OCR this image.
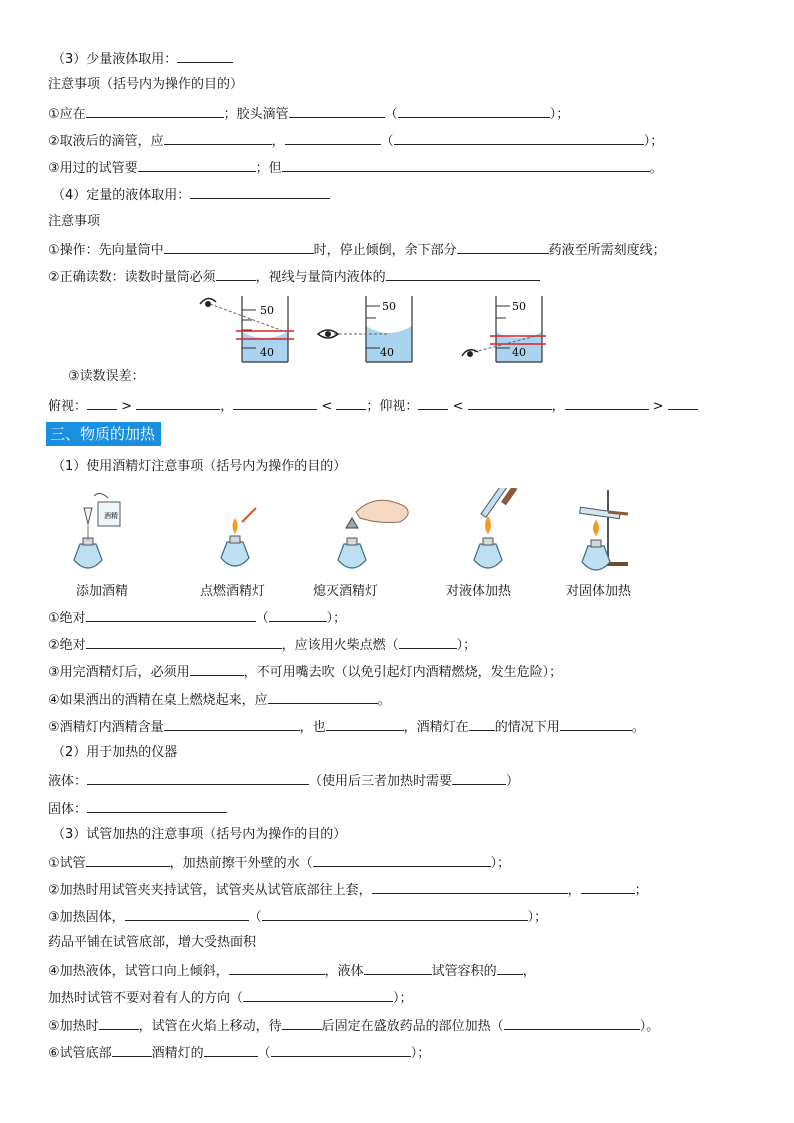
（3）少量液体取用：
注意事项（括号内为操作的目的）
①应在	；胶头滴管	（	）；
②取液后的滴管，应	，	（	）；
③用过的试管要	；但	。
（4）定量的液体取用：
注意事项
①操作：先向量筒中	时，停止倾倒，余下部分	药液至所需刻度线；
②正确读数：读数时量筒必须	，视线与量筒内液体的
50
40
50
40
50
40
③读数误差：
俯视：	>	，	<	；仰视：	<	，	>
三、物质的加热
（1）使用酒精灯注意事项（括号内为操作的目的）
酒精
添加酒精	点燃酒精灯	熄灭酒精灯	对液体加热	对固体加热
①绝对	（	）；
②绝对	，应该用火柴点燃（	）；
③用完酒精灯后，必须用	，不可用嘴去吹（以免引起灯内酒精燃烧，发生危险）；
④如果洒出的酒精在桌上燃烧起来，应	。
⑤酒精灯内酒精含量	，也	，酒精灯在 的情况下用	。
（2）用于加热的仪器
液体：	（使用后三者加热时需要	）
固体：
（3）试管加热的注意事项（括号内为操作的目的）
①试管	，加热前擦干外壁的水（	）；
②加热时用试管夹夹持试管，试管夹从试管底部往上套，	，	；
③加热固体，	（	）；
药品平铺在试管底部，增大受热面积
④加热液体，试管口向上倾斜，	，液体	试管容积的 ，
加热时试管不要对着有人的方向（	）；
⑤加热时	，试管在火焰上移动，待	后固定在盛放药品的部位加热（	）。
⑥试管底部	酒精灯的	（	）；
